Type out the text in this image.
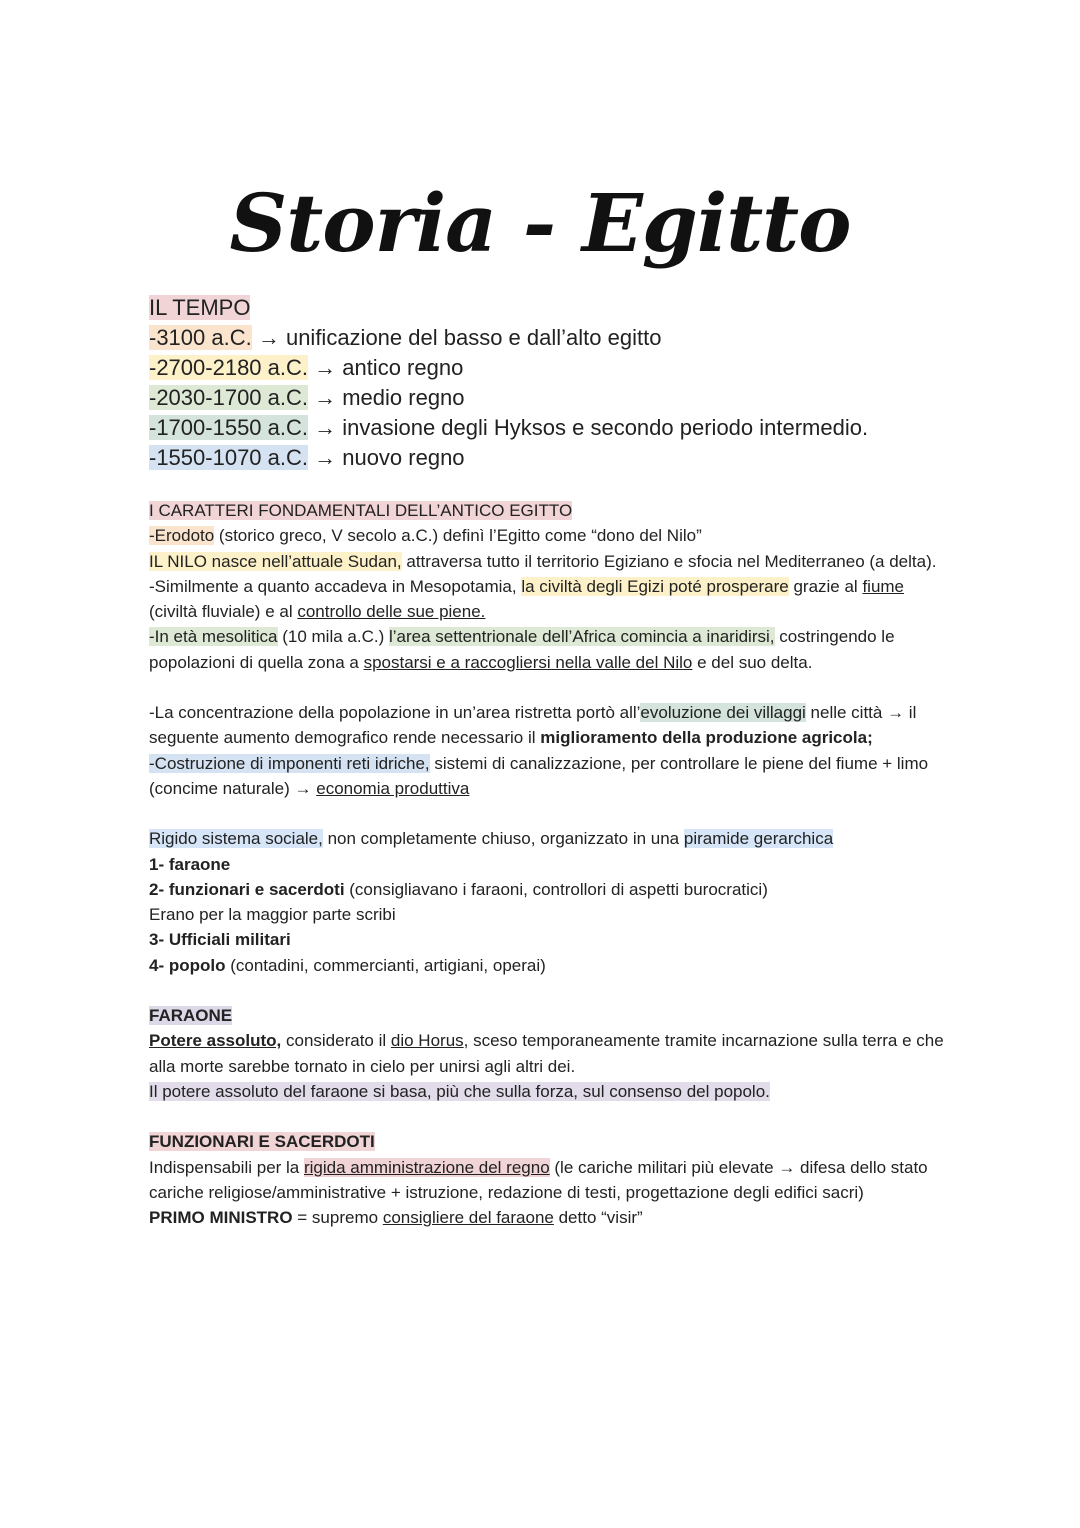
Storia - Egitto
IL TEMPO
-3100 a.C. → unificazione del basso e dall’alto egitto
-2700-2180 a.C. → antico regno
-2030-1700 a.C. → medio regno
-1700-1550 a.C. → invasione degli Hyksos e secondo periodo intermedio.
-1550-1070 a.C. → nuovo regno

I CARATTERI FONDAMENTALI DELL’ANTICO EGITTO

-Erodoto (storico greco, V secolo a.C.) definì l’Egitto come “dono del Nilo”

IL NILO nasce nell’attuale Sudan, attraversa tutto il territorio Egiziano e sfocia nel Mediterraneo (a delta).

-Similmente a quanto accadeva in Mesopotamia, la civiltà degli Egizi poté prosperare grazie al fiume (civiltà fluviale) e al controllo delle sue piene.

-In età mesolitica (10 mila a.C.) l’area settentrionale dell’Africa comincia a inaridirsi, costringendo le popolazioni di quella zona a spostarsi e a raccogliersi nella valle del Nilo e del suo delta.

-La concentrazione della popolazione in un’area ristretta portò all’evoluzione dei villaggi nelle città → il seguente aumento demografico rende necessario il miglioramento della produzione agricola;

-Costruzione di imponenti reti idriche, sistemi di canalizzazione, per controllare le piene del fiume + limo (concime naturale) → economia produttiva

Rigido sistema sociale, non completamente chiuso, organizzato in una piramide gerarchica

1- faraone

2- funzionari e sacerdoti (consigliavano i faraoni, controllori di aspetti burocratici)

Erano per la maggior parte scribi

3- Ufficiali militari

4- popolo (contadini, commercianti, artigiani, operai)

FARAONE

Potere assoluto, considerato il dio Horus, sceso temporaneamente tramite incarnazione sulla terra e che alla morte sarebbe tornato in cielo per unirsi agli altri dei.

Il potere assoluto del faraone si basa, più che sulla forza, sul consenso del popolo.

FUNZIONARI E SACERDOTI

Indispensabili per la rigida amministrazione del regno (le cariche militari più elevate → difesa dello stato cariche religiose/amministrative + istruzione, redazione di testi, progettazione degli edifici sacri)

PRIMO MINISTRO = supremo consigliere del faraone detto “visir”
